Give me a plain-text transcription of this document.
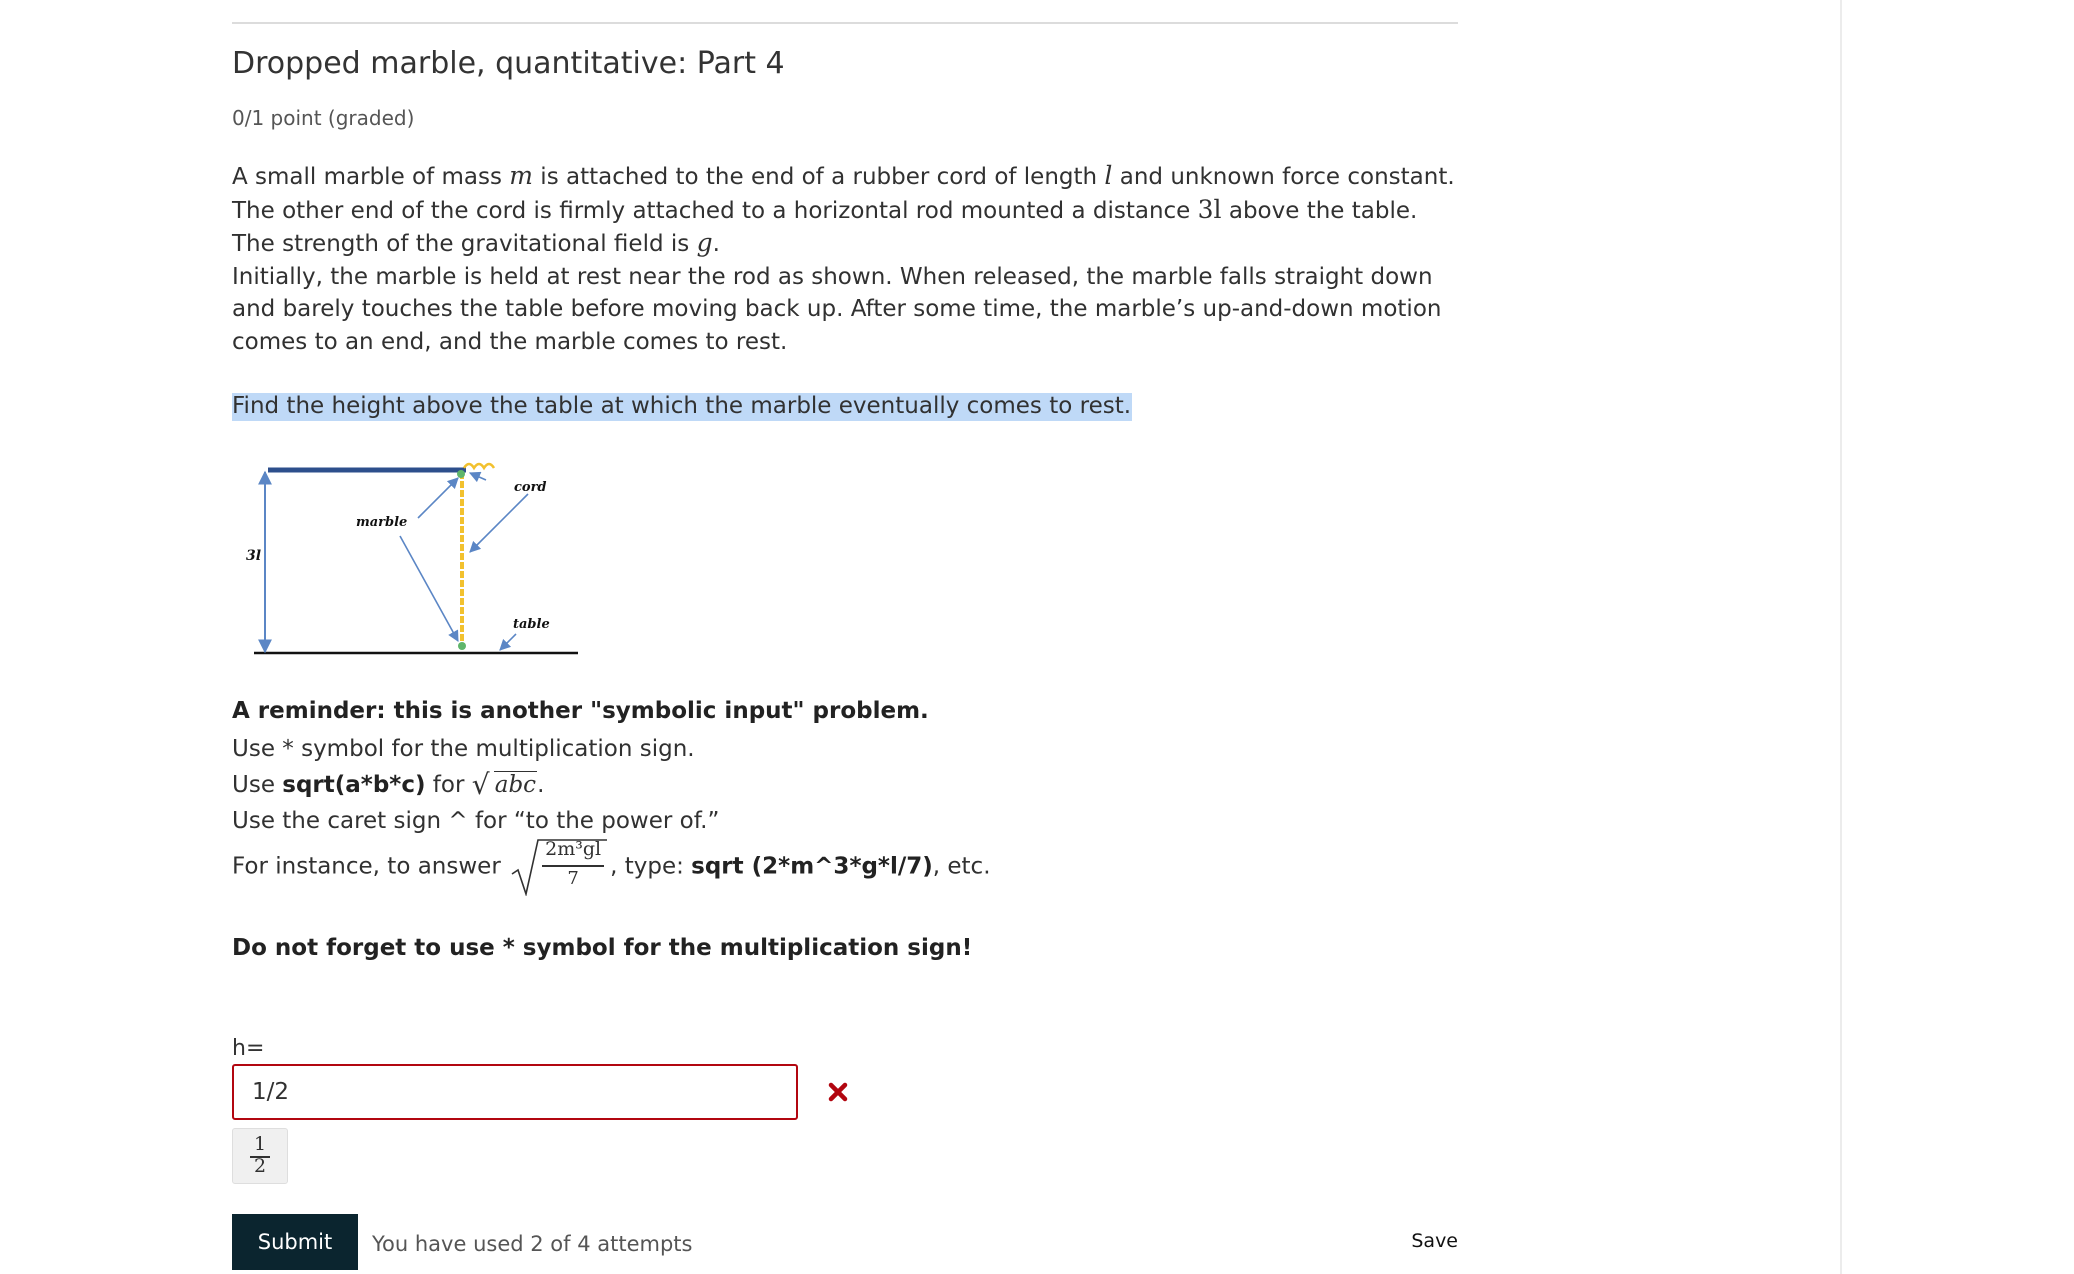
Dropped marble, quantitative: Part 4
0/1 point (graded)

A small marble of mass m is attached to the end of a rubber cord of length l and unknown force constant. The other end of the cord is firmly attached to a horizontal rod mounted a distance 3l above the table. The strength of the gravitational field is g.

Initially, the marble is held at rest near the rod as shown. When released, the marble falls straight down and barely touches the table before moving back up. After some time, the marble’s up-and-down motion comes to an end, and the marble comes to rest.

Find the height above the table at which the marble eventually comes to rest.
3l
marble
cord
table
A reminder: this is another "symbolic input" problem.
Use * symbol for the multiplication sign.
Use sqrt(a*b*c) for √ abc.
Use the caret sign ^ for “to the power of.”
For instance, to answer $\frac{\text{2m³gl}}{7}$ , type: sqrt (2*m^3*g*l/7), etc.
Do not forget to use * symbol for the multiplication sign!
h=
1/2
1
2
Submit	You have used 2 of 4 attempts	Save
